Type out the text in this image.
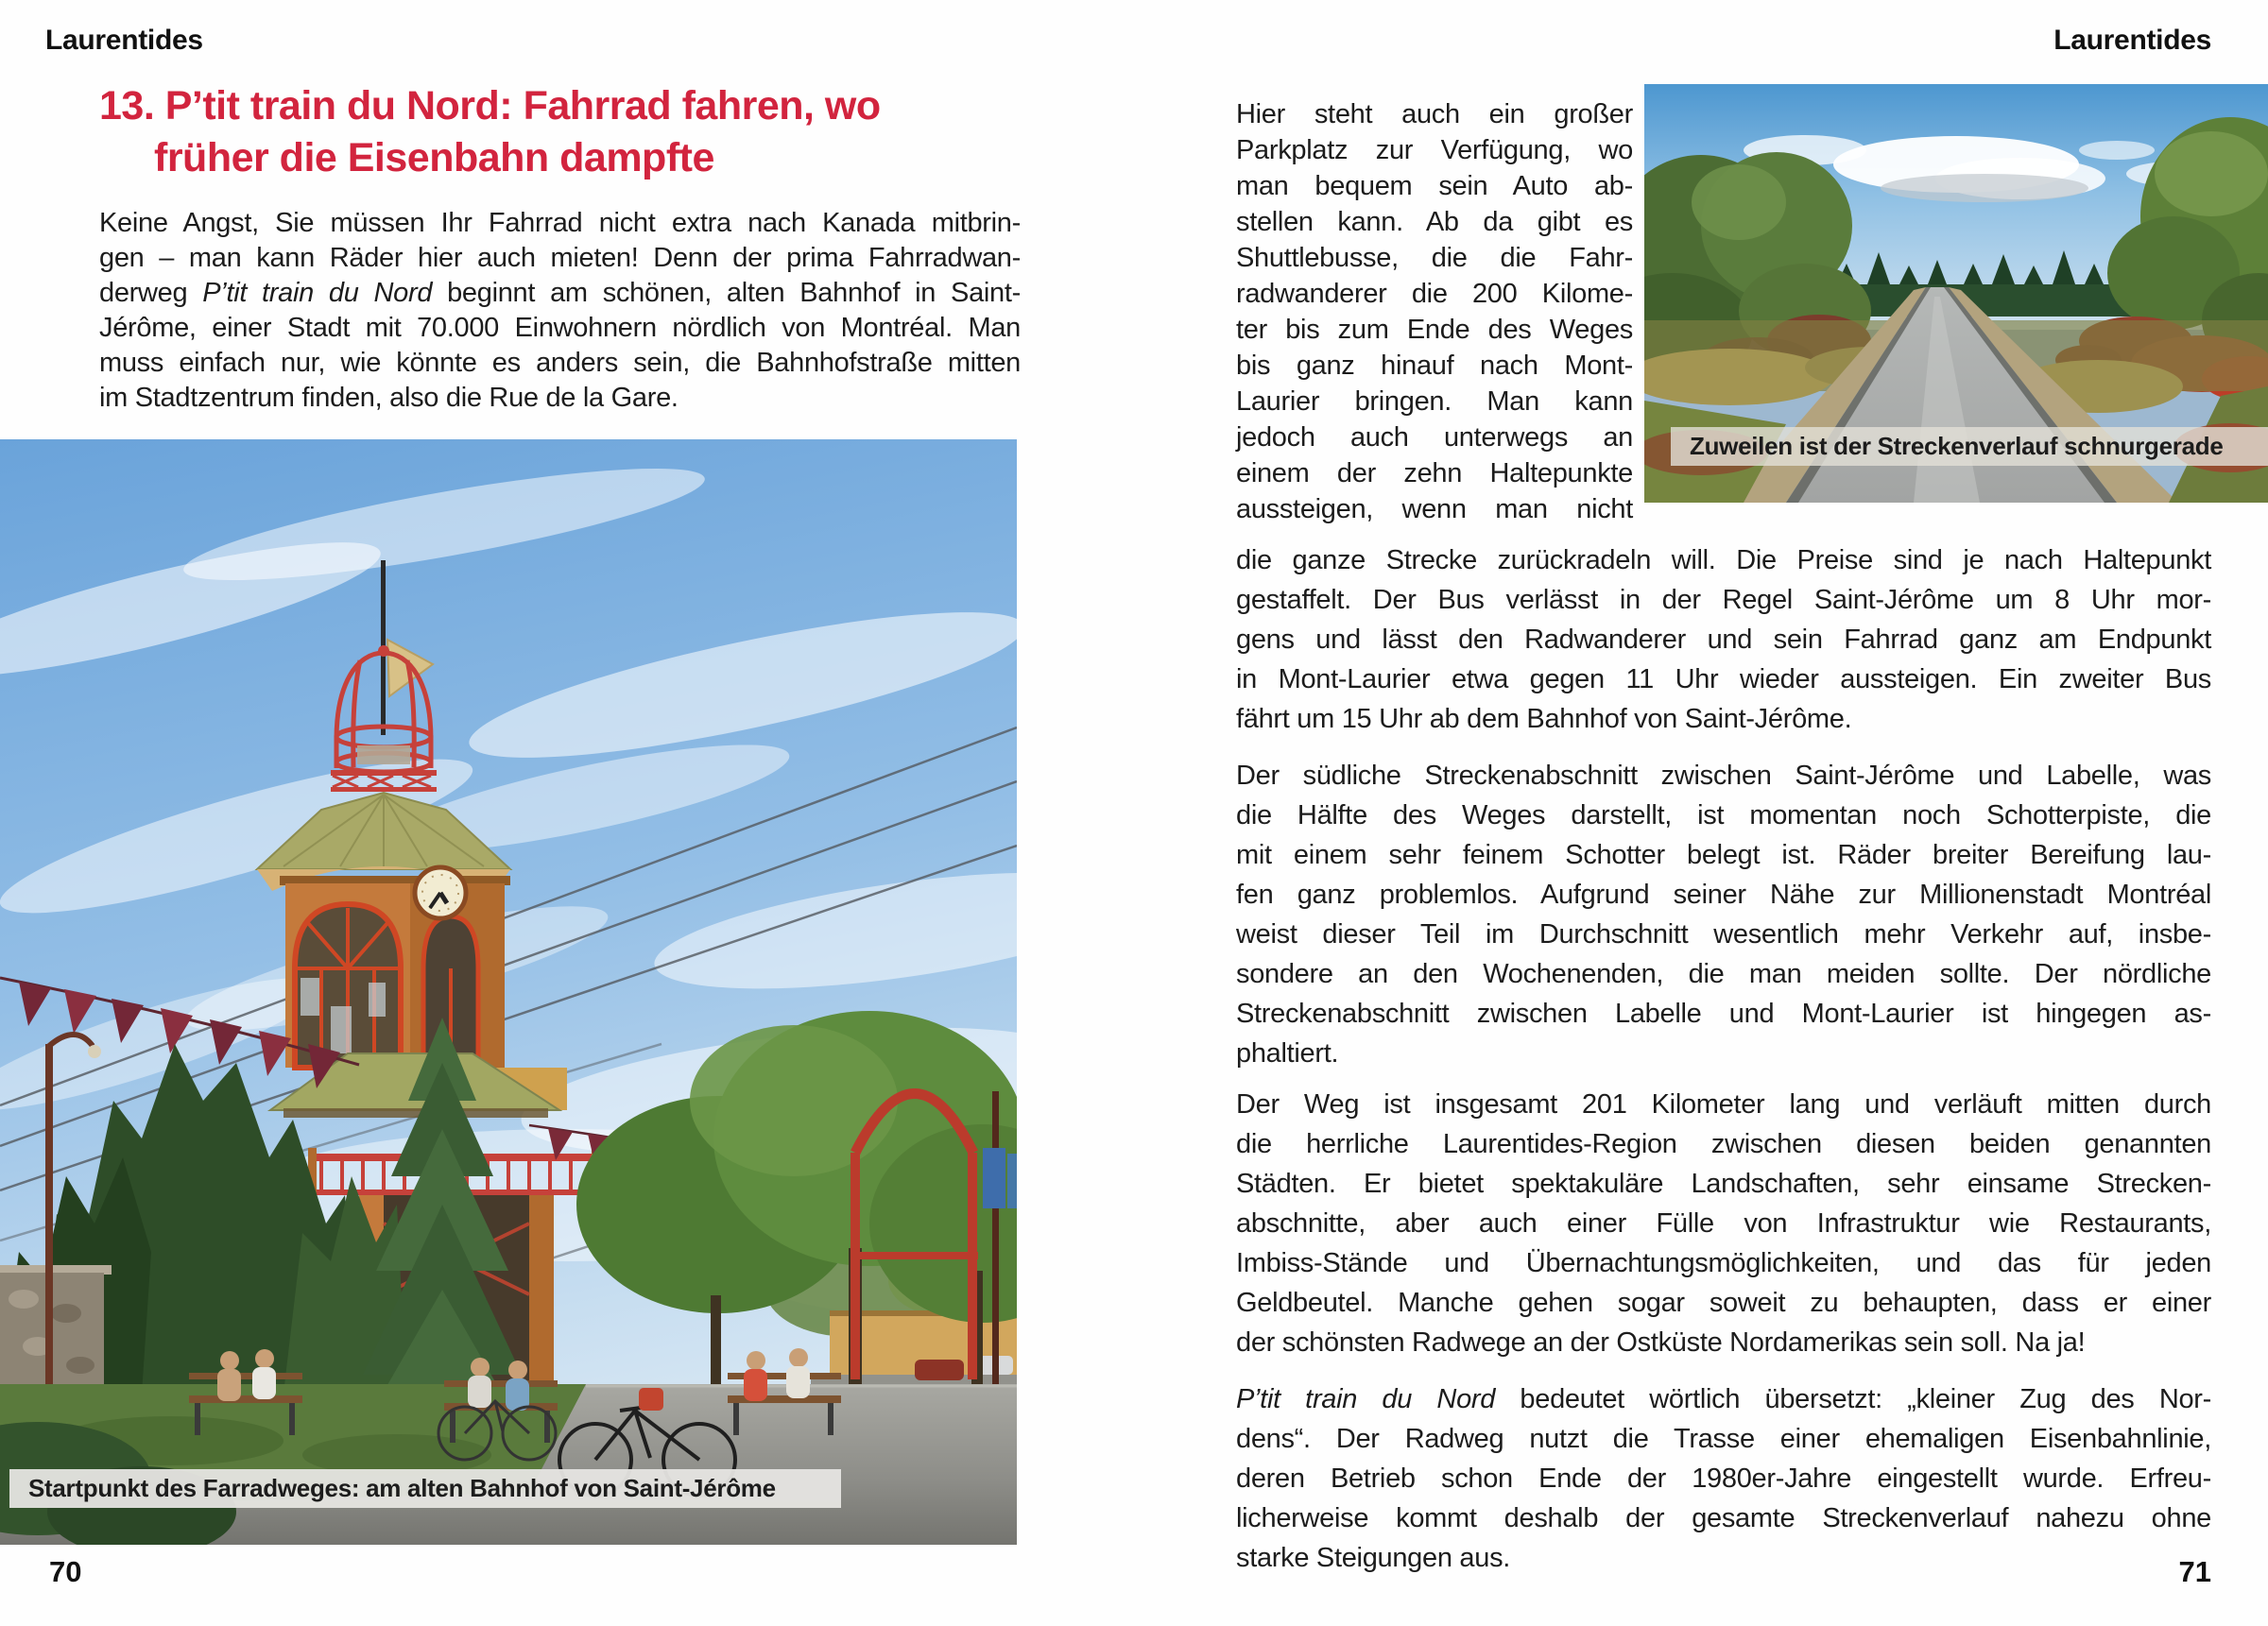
Laurentides
13. P’tit train du Nord: Fahrrad fahren, wo
früher die Eisenbahn dampfte
Keine Angst, Sie müssen Ihr Fahrrad nicht extra nach Kanada mitbrin-
gen – man kann Räder hier auch mieten! Denn der prima Fahrradwan-
derweg P’tit train du Nord beginnt am schönen, alten Bahnhof in Saint-
Jérôme, einer Stadt mit 70.000 Einwohnern nördlich von Montréal. Man
muss einfach nur, wie könnte es anders sein, die Bahnhofstraße mitten
im Stadtzentrum finden, also die Rue de la Gare.
Startpunkt des Farradweges: am alten Bahnhof von Saint-Jérôme
70
Laurentides
Hier steht auch ein großer
Parkplatz zur Verfügung, wo
man bequem sein Auto ab-
stellen kann. Ab da gibt es
Shuttlebusse, die die Fahr-
radwanderer die 200 Kilome-
ter bis zum Ende des Weges
bis ganz hinauf nach Mont-
Laurier bringen. Man kann
jedoch auch unterwegs an
einem der zehn Haltepunkte
aussteigen, wenn man nicht
Zuweilen ist der Streckenverlauf schnurgerade
die ganze Strecke zurückradeln will. Die Preise sind je nach Haltepunkt
gestaffelt. Der Bus verlässt in der Regel Saint-Jérôme um 8 Uhr mor-
gens und lässt den Radwanderer und sein Fahrrad ganz am Endpunkt
in Mont-Laurier etwa gegen 11 Uhr wieder aussteigen. Ein zweiter Bus
fährt um 15 Uhr ab dem Bahnhof von Saint-Jérôme.
Der südliche Streckenabschnitt zwischen Saint-Jérôme und Labelle, was
die Hälfte des Weges darstellt, ist momentan noch Schotterpiste, die
mit einem sehr feinem Schotter belegt ist. Räder breiter Bereifung lau-
fen ganz problemlos. Aufgrund seiner Nähe zur Millionenstadt Montréal
weist dieser Teil im Durchschnitt wesentlich mehr Verkehr auf, insbe-
sondere an den Wochenenden, die man meiden sollte. Der nördliche
Streckenabschnitt zwischen Labelle und Mont-Laurier ist hingegen as-
phaltiert.
Der Weg ist insgesamt 201 Kilometer lang und verläuft mitten durch
die herrliche Laurentides-Region zwischen diesen beiden genannten
Städten. Er bietet spektakuläre Landschaften, sehr einsame Strecken-
abschnitte, aber auch einer Fülle von Infrastruktur wie Restaurants,
Imbiss-Stände und Übernachtungsmöglichkeiten, und das für jeden
Geldbeutel. Manche gehen sogar soweit zu behaupten, dass er einer
der schönsten Radwege an der Ostküste Nordamerikas sein soll. Na ja!
P’tit train du Nord bedeutet wörtlich übersetzt: „kleiner Zug des Nor-
dens“. Der Radweg nutzt die Trasse einer ehemaligen Eisenbahnlinie,
deren Betrieb schon Ende der 1980er-Jahre eingestellt wurde. Erfreu-
licherweise kommt deshalb der gesamte Streckenverlauf nahezu ohne
starke Steigungen aus.	71
